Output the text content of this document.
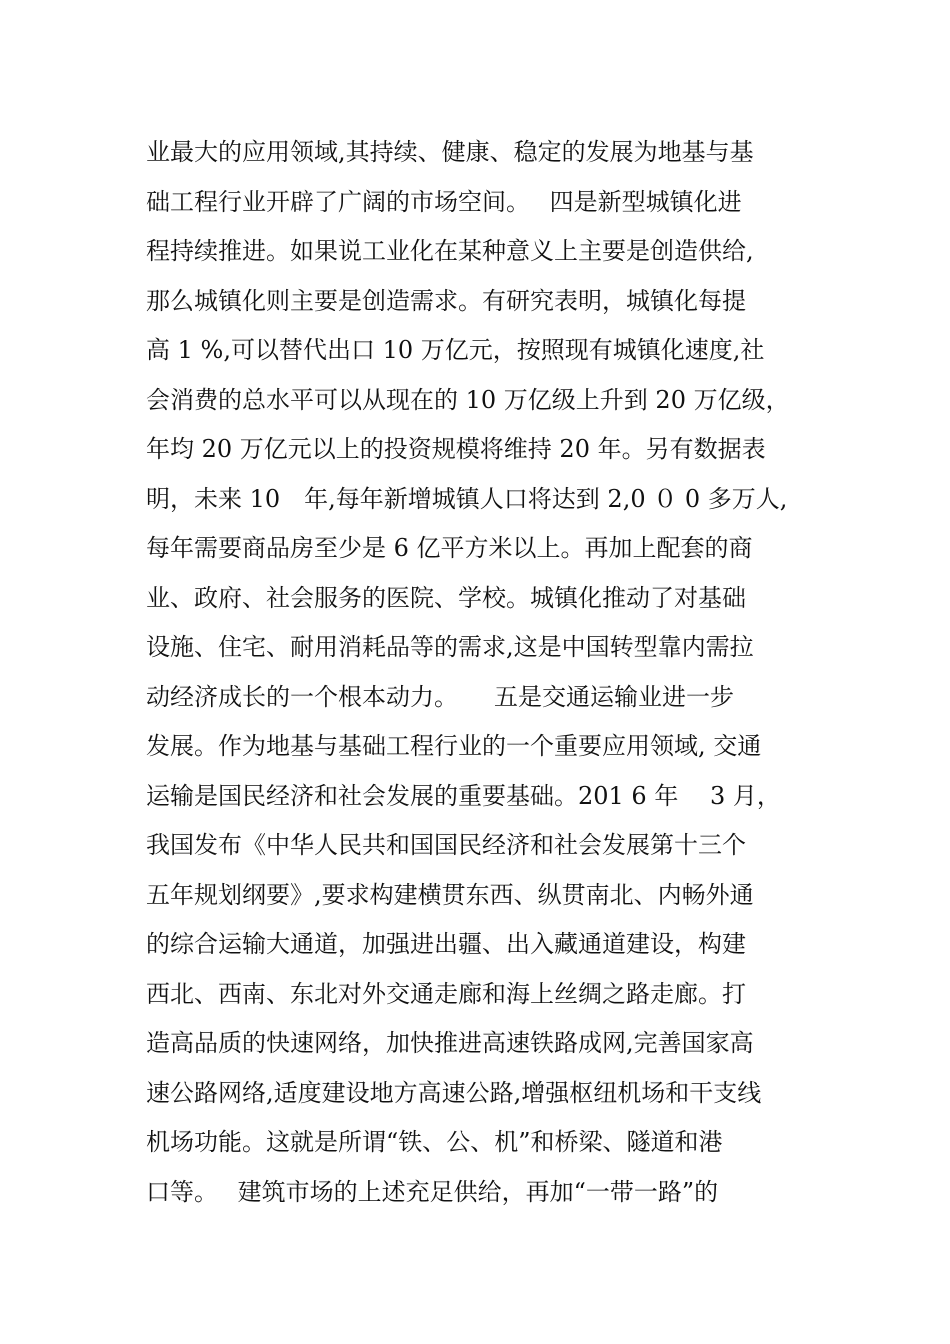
业最大的应用领域,其持续、健康、稳定的发展为地基与基
础工程行业开辟了广阔的市场空间。　 四是新型城镇化进
程持续推进。如果说工业化在某种意义上主要是创造供给,
那么城镇化则主要是创造需求。有研究表明，城镇化每提
高 1 %,可以替代出口 10 万亿元，按照现有城镇化速度,社
会消费的总水平可以从现在的 10 万亿级上升到 20 万亿级，
年均 20 万亿元以上的投资规模将维持 20 年。另有数据表
明，未来 10　年,每年新增城镇人口将达到 2,0 ０ 0 多万人,
每年需要商品房至少是 6 亿平方米以上。再加上配套的商
业、政府、社会服务的医院、学校。城镇化推动了对基础
设施、住宅、耐用消耗品等的需求,这是中国转型靠内需拉
动经济成长的一个根本动力。　　五是交通运输业进一步
发展。作为地基与基础工程行业的一个重要应用领域, 交通
运输是国民经济和社会发展的重要基础。201 6 年　 3 月，
我国发布《中华人民共和国国民经济和社会发展第十三个
五年规划纲要》,要求构建横贯东西、纵贯南北、内畅外通
的综合运输大通道，加强进出疆、出入藏通道建设，构建
西北、西南、东北对外交通走廊和海上丝绸之路走廊。打
造高品质的快速网络，加快推进高速铁路成网,完善国家高
速公路网络,适度建设地方高速公路,增强枢纽机场和干支线
机场功能。这就是所谓“铁、公、机”和桥梁、隧道和港
口等。　 建筑市场的上述充足供给，再加“一带一路”的
